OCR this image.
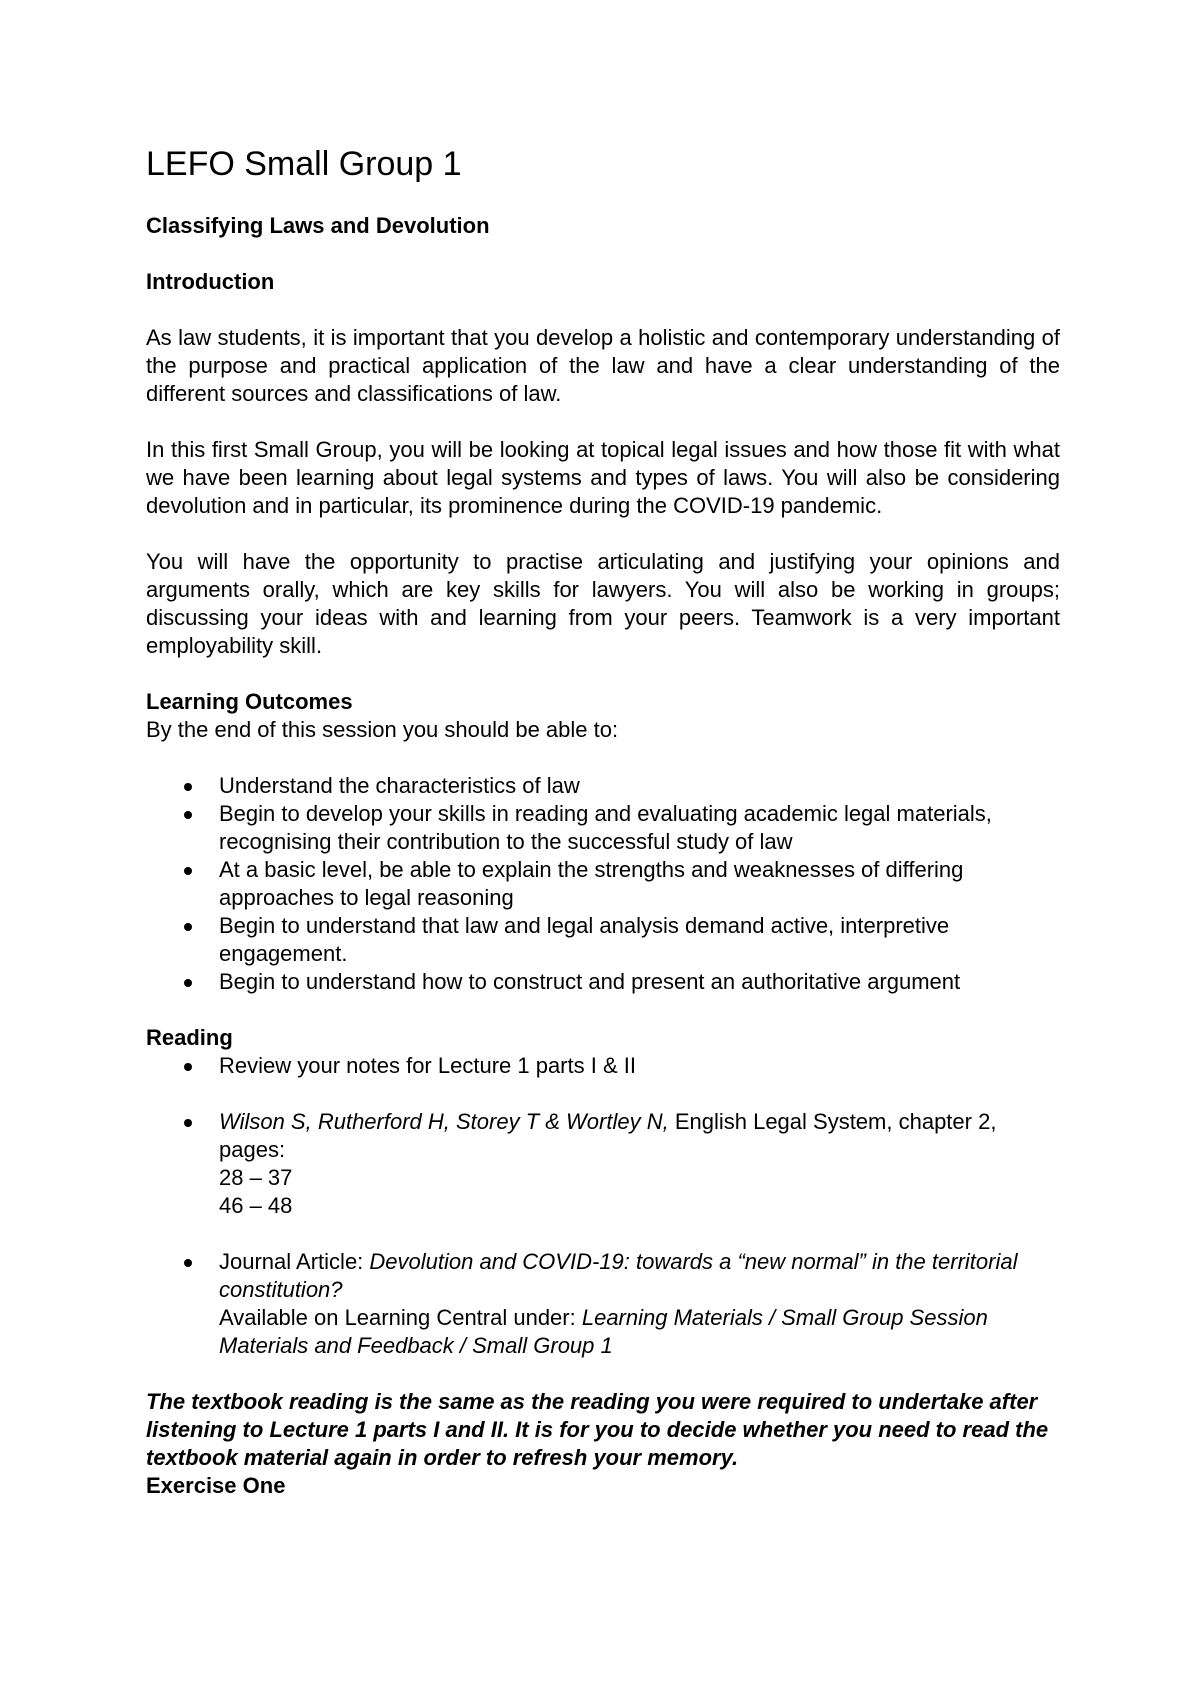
LEFO Small Group 1
Classifying Laws and Devolution
Introduction

As law students, it is important that you develop a holistic and contemporary understanding of the purpose and practical application of the law and have a clear understanding of the different sources and classifications of law.

In this first Small Group, you will be looking at topical legal issues and how those fit with what we have been learning about legal systems and types of laws. You will also be considering devolution and in particular, its prominence during the COVID-19 pandemic.

You will have the opportunity to practise articulating and justifying your opinions and arguments orally, which are key skills for lawyers. You will also be working in groups; discussing your ideas with and learning from your peers. Teamwork is a very important employability skill.

Learning Outcomes

By the end of this session you should be able to:

Understand the characteristics of law
Begin to develop your skills in reading and evaluating academic legal materials, recognising their contribution to the successful study of law
At a basic level, be able to explain the strengths and weaknesses of differing approaches to legal reasoning
Begin to understand that law and legal analysis demand active, interpretive engagement.
Begin to understand how to construct and present an authoritative argument
Reading
Review your notes for Lecture 1 parts I & II
Wilson S, Rutherford H, Storey T & Wortley N, English Legal System, chapter 2, pages:
28 – 37
46 – 48
Journal Article: Devolution and COVID-19: towards a “new normal” in the territorial constitution?
Available on Learning Central under: Learning Materials / Small Group Session Materials and Feedback / Small Group 1

The textbook reading is the same as the reading you were required to undertake after listening to Lecture 1 parts I and II. It is for you to decide whether you need to read the textbook material again in order to refresh your memory.

Exercise One
